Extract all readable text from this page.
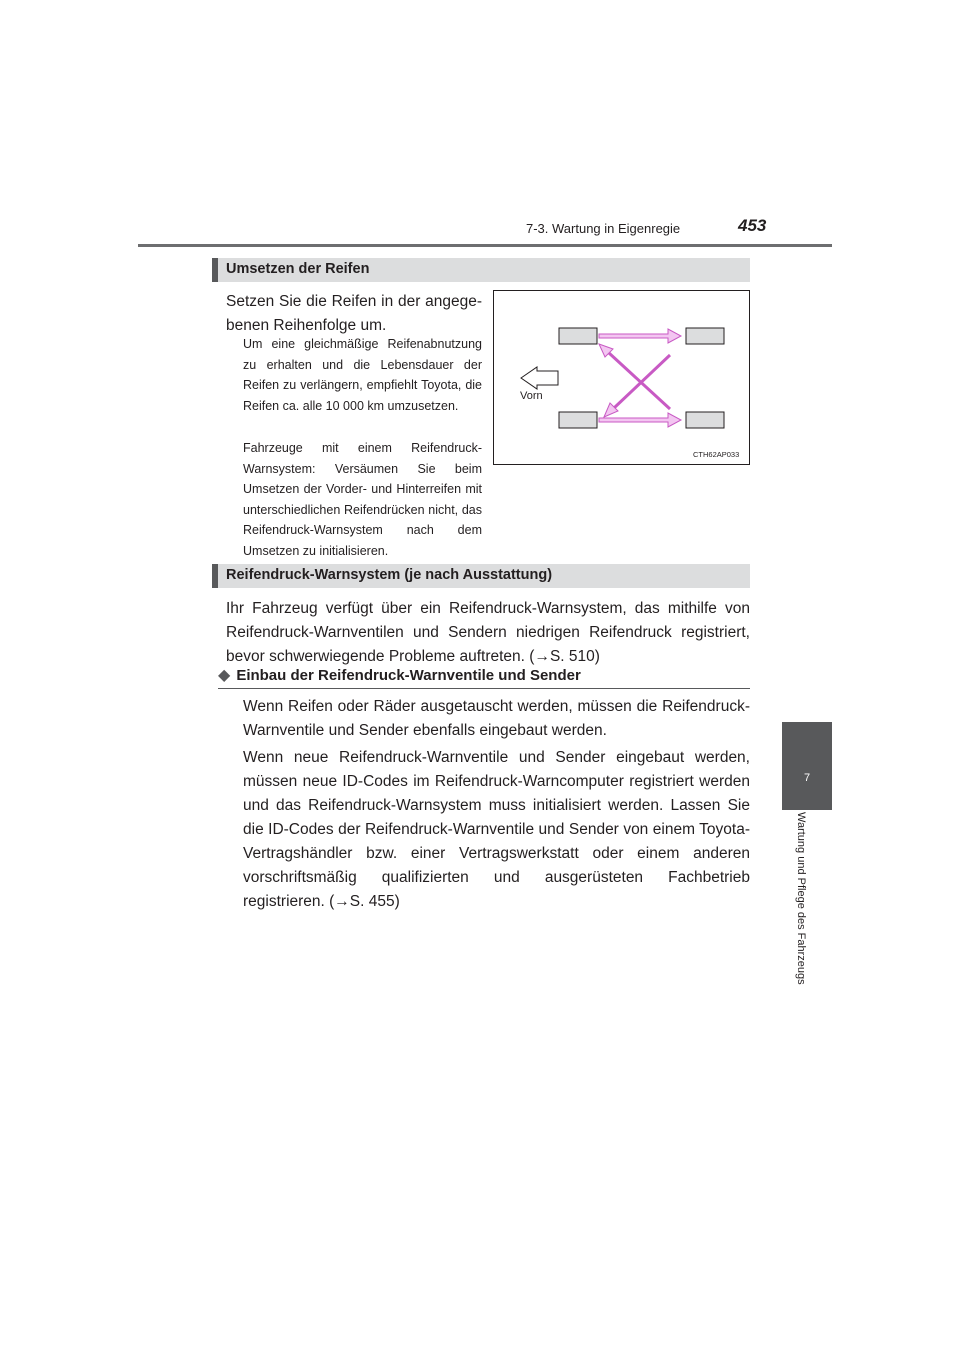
7-3. Wartung in Eigenregie	453
7
Wartung und Pflege des Fahrzeugs
Umsetzen der Reifen
Setzen Sie die Reifen in der angege-
benen Reihenfolge um.
Um eine gleichmäßige Reifenabnutzung zu erhalten und die Lebensdauer der Reifen zu verlängern, empfiehlt Toyota, die Reifen ca. alle 10 000 km umzusetzen.
Fahrzeuge mit einem Reifendruck-Warnsystem: Versäumen Sie beim Umsetzen der Vorder- und Hinterreifen mit unterschiedlichen Reifendrücken nicht, das Reifendruck-Warnsystem nach dem Umsetzen zu initialisieren.
Vorn
CTH62AP033
Reifendruck-Warnsystem (je nach Ausstattung)
Ihr Fahrzeug verfügt über ein Reifendruck-Warnsystem, das mithilfe von Reifendruck-Warnventilen und Sendern niedrigen Reifendruck registriert, bevor schwerwiegende Probleme auftreten. (→S. 510)
◆ Einbau der Reifendruck-Warnventile und Sender
Wenn Reifen oder Räder ausgetauscht werden, müssen die Reifendruck-Warnventile und Sender ebenfalls eingebaut werden.
Wenn neue Reifendruck-Warnventile und Sender eingebaut werden, müssen neue ID-Codes im Reifendruck-Warncomputer registriert werden und das Reifendruck-Warnsystem muss initialisiert werden. Lassen Sie die ID-Codes der Reifendruck-Warnventile und Sender von einem Toyota-Vertragshändler bzw. einer Vertragswerkstatt oder einem anderen vorschriftsmäßig qualifizierten und ausgerüsteten Fachbetrieb registrieren. (→S. 455)
